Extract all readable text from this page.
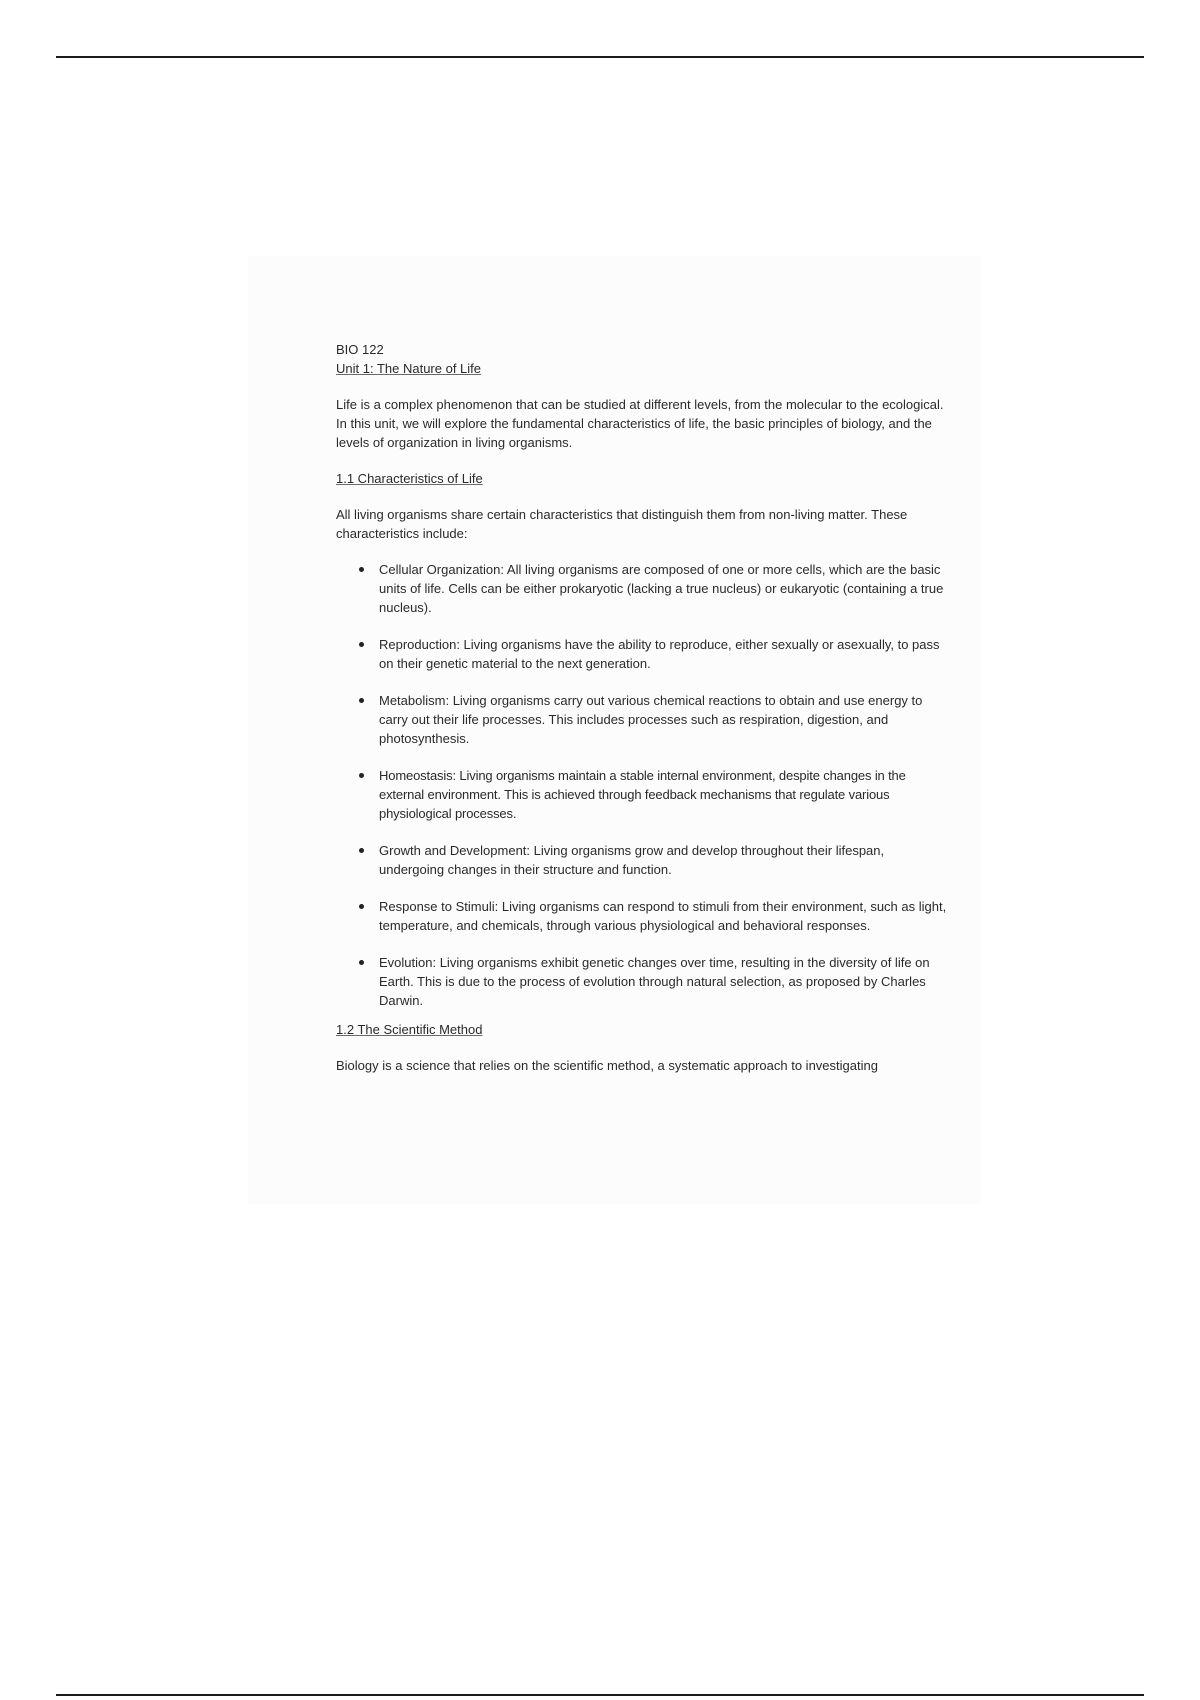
BIO 122

Unit 1: The Nature of Life

Life is a complex phenomenon that can be studied at different levels, from the molecular to the ecological. In this unit, we will explore the fundamental characteristics of life, the basic principles of biology, and the levels of organization in living organisms.

1.1 Characteristics of Life

All living organisms share certain characteristics that distinguish them from non-living matter. These characteristics include:

Cellular Organization: All living organisms are composed of one or more cells, which are the basic units of life. Cells can be either prokaryotic (lacking a true nucleus) or eukaryotic (containing a true nucleus).
Reproduction: Living organisms have the ability to reproduce, either sexually or asexually, to pass on their genetic material to the next generation.
Metabolism: Living organisms carry out various chemical reactions to obtain and use energy to carry out their life processes. This includes processes such as respiration, digestion, and photosynthesis.
Homeostasis: Living organisms maintain a stable internal environment, despite changes in the external environment. This is achieved through feedback mechanisms that regulate various physiological processes.
Growth and Development: Living organisms grow and develop throughout their lifespan, undergoing changes in their structure and function.
Response to Stimuli: Living organisms can respond to stimuli from their environment, such as light, temperature, and chemicals, through various physiological and behavioral responses.
Evolution: Living organisms exhibit genetic changes over time, resulting in the diversity of life on Earth. This is due to the process of evolution through natural selection, as proposed by Charles Darwin.

1.2 The Scientific Method

Biology is a science that relies on the scientific method, a systematic approach to investigating
